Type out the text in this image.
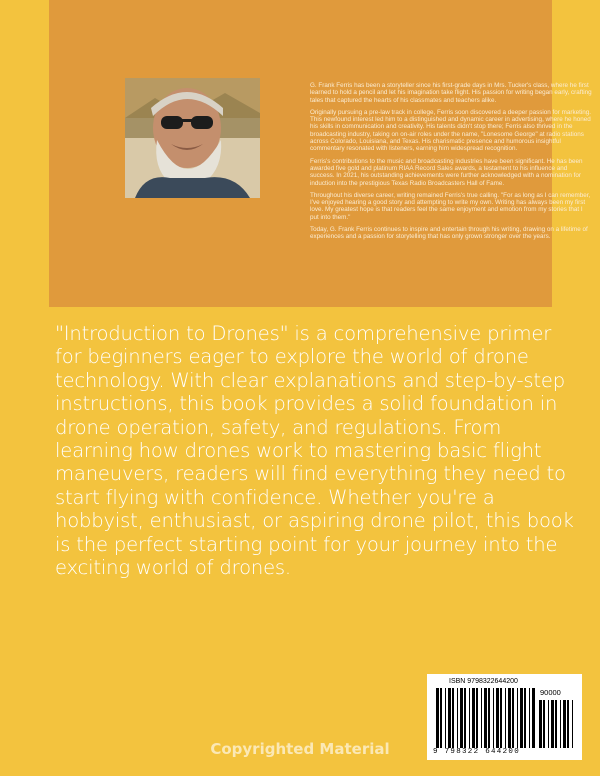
G. Frank Ferris has been a storyteller since his first-grade days in Mrs. Tucker's class, where he first learned to hold a pencil and let his imagination take flight. His passion for writing began early, crafting tales that captured the hearts of his classmates and teachers alike.

Originally pursuing a pre-law track in college, Ferris soon discovered a deeper passion for marketing. This newfound interest led him to a distinguished and dynamic career in advertising, where he honed his skills in communication and creativity. His talents didn't stop there; Ferris also thrived in the broadcasting industry, taking on on-air roles under the name, "Lonesome George" at radio stations across Colorado, Louisiana, and Texas. His charismatic presence and humorous insightful commentary resonated with listeners, earning him widespread recognition.

Ferris's contributions to the music and broadcasting industries have been significant. He has been awarded five gold and platinum RIAA Record Sales awards, a testament to his influence and success. In 2021, his outstanding achievements were further acknowledged with a nomination for induction into the prestigious Texas Radio Broadcasters Hall of Fame.

Throughout his diverse career, writing remained Ferris's true calling. "For as long as I can remember, I've enjoyed hearing a good story and attempting to write my own. Writing has always been my first love. My greatest hope is that readers feel the same enjoyment and emotion from my stories that I put into them."

Today, G. Frank Ferris continues to inspire and entertain through his writing, drawing on a lifetime of experiences and a passion for storytelling that has only grown stronger over the years.

"Introduction to Drones" is a comprehensive primer for beginners eager to explore the world of drone technology. With clear explanations and step-by-step instructions, this book provides a solid foundation in drone operation, safety, and regulations. From learning how drones work to mastering basic flight maneuvers, readers will find everything they need to start flying with confidence. Whether you're a hobbyist, enthusiast, or aspiring drone pilot, this book is the perfect starting point for your journey into the exciting world of drones.
ISBN 9798322644200
90000
9 798322 644200
Copyrighted Material
